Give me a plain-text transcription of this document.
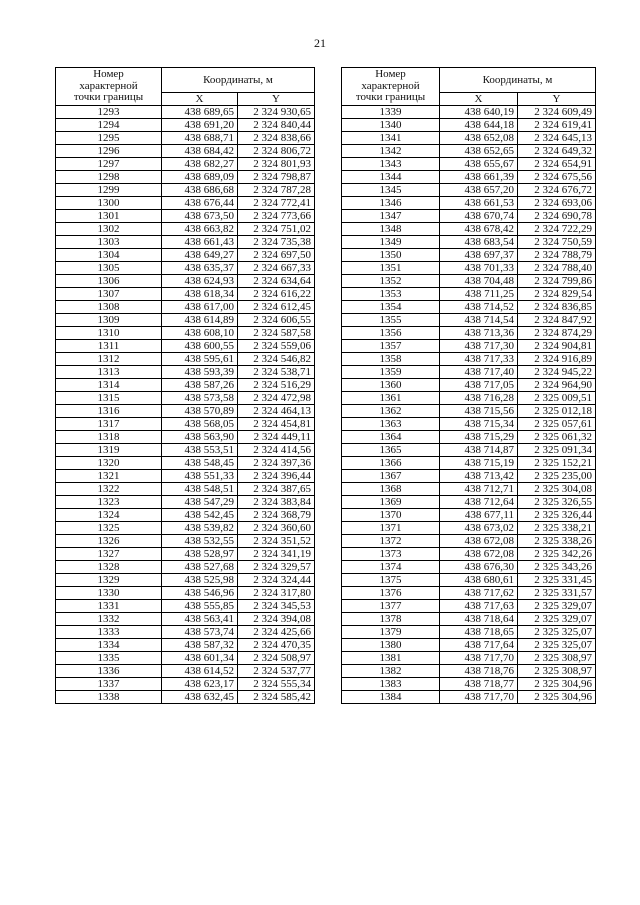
21
Номер
характерной
точки границы	Координаты, м	
	X	Y
1293	438 689,65	2 324 930,65
1294	438 691,20	2 324 840,44
1295	438 688,71	2 324 838,66
1296	438 684,42	2 324 806,72
1297	438 682,27	2 324 801,93
1298	438 689,09	2 324 798,87
1299	438 686,68	2 324 787,28
1300	438 676,44	2 324 772,41
1301	438 673,50	2 324 773,66
1302	438 663,82	2 324 751,02
1303	438 661,43	2 324 735,38
1304	438 649,27	2 324 697,50
1305	438 635,37	2 324 667,33
1306	438 624,93	2 324 634,64
1307	438 618,34	2 324 616,22
1308	438 617,00	2 324 612,45
1309	438 614,89	2 324 606,55
1310	438 608,10	2 324 587,58
1311	438 600,55	2 324 559,06
1312	438 595,61	2 324 546,82
1313	438 593,39	2 324 538,71
1314	438 587,26	2 324 516,29
1315	438 573,58	2 324 472,98
1316	438 570,89	2 324 464,13
1317	438 568,05	2 324 454,81
1318	438 563,90	2 324 449,11
1319	438 553,51	2 324 414,56
1320	438 548,45	2 324 397,36
1321	438 551,33	2 324 396,44
1322	438 548,51	2 324 387,65
1323	438 547,29	2 324 383,84
1324	438 542,45	2 324 368,79
1325	438 539,82	2 324 360,60
1326	438 532,55	2 324 351,52
1327	438 528,97	2 324 341,19
1328	438 527,68	2 324 329,57
1329	438 525,98	2 324 324,44
1330	438 546,96	2 324 317,80
1331	438 555,85	2 324 345,53
1332	438 563,41	2 324 394,08
1333	438 573,74	2 324 425,66
1334	438 587,32	2 324 470,35
1335	438 601,34	2 324 508,97
1336	438 614,52	2 324 537,77
1337	438 623,17	2 324 555,34
1338	438 632,45	2 324 585,42
Номер
характерной
точки границы	Координаты, м	
	X	Y
1339	438 640,19	2 324 609,49
1340	438 644,18	2 324 619,41
1341	438 652,08	2 324 645,13
1342	438 652,65	2 324 649,32
1343	438 655,67	2 324 654,91
1344	438 661,39	2 324 675,56
1345	438 657,20	2 324 676,72
1346	438 661,53	2 324 693,06
1347	438 670,74	2 324 690,78
1348	438 678,42	2 324 722,29
1349	438 683,54	2 324 750,59
1350	438 697,37	2 324 788,79
1351	438 701,33	2 324 788,40
1352	438 704,48	2 324 799,86
1353	438 711,25	2 324 829,54
1354	438 714,52	2 324 836,85
1355	438 714,54	2 324 847,92
1356	438 713,36	2 324 874,29
1357	438 717,30	2 324 904,81
1358	438 717,33	2 324 916,89
1359	438 717,40	2 324 945,22
1360	438 717,05	2 324 964,90
1361	438 716,28	2 325 009,51
1362	438 715,56	2 325 012,18
1363	438 715,34	2 325 057,61
1364	438 715,29	2 325 061,32
1365	438 714,87	2 325 091,34
1366	438 715,19	2 325 152,21
1367	438 713,42	2 325 235,00
1368	438 712,71	2 325 304,08
1369	438 712,64	2 325 326,55
1370	438 677,11	2 325 326,44
1371	438 673,02	2 325 338,21
1372	438 672,08	2 325 338,26
1373	438 672,08	2 325 342,26
1374	438 676,30	2 325 343,26
1375	438 680,61	2 325 331,45
1376	438 717,62	2 325 331,57
1377	438 717,63	2 325 329,07
1378	438 718,64	2 325 329,07
1379	438 718,65	2 325 325,07
1380	438 717,64	2 325 325,07
1381	438 717,70	2 325 308,97
1382	438 718,76	2 325 308,97
1383	438 718,77	2 325 304,96
1384	438 717,70	2 325 304,96
